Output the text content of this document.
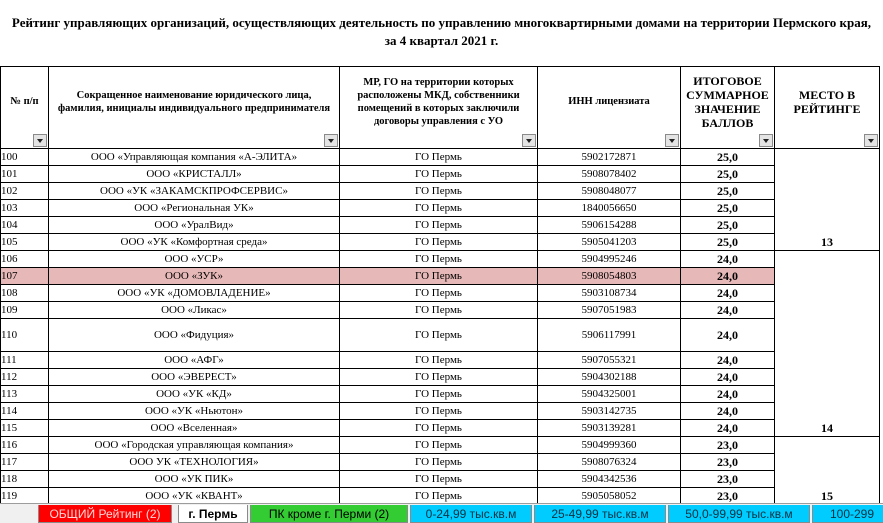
Рейтинг управляющих организаций, осуществляющих деятельность по управлению многоквартирными домами на территории Пермского края,
за 4 квартал 2021 г.
№ п/п	Сокращенное наименование юридического лица, фамилия, инициалы индивидуального предпринимателя	МР, ГО на территории которых расположены МКД, собственники помещений в которых заключили договоры управления с УО	ИНН лицензиата	ИТОГОВОЕ СУММАРНОЕ ЗНАЧЕНИЕ БАЛЛОВ	МЕСТО В РЕЙТИНГЕ

100	ООО «Управляющая компания «А-ЭЛИТА»	ГО Пермь	5902172871	25,0	13
101	ООО «КРИСТАЛЛ»	ГО Пермь	5908078402	25,0	
102	ООО «УК «ЗАКАМСКПРОФСЕРВИС»	ГО Пермь	5908048077	25,0	
103	ООО «Региональная УК»	ГО Пермь	1840056650	25,0	
104	ООО «УралВид»	ГО Пермь	5906154288	25,0	
105	ООО «УК «Комфортная среда»	ГО Пермь	5905041203	25,0	
106	ООО «УСР»	ГО Пермь	5904995246	24,0	14
107	ООО «ЗУК»	ГО Пермь	5908054803	24,0	
108	ООО «УК «ДОМОВЛАДЕНИЕ»	ГО Пермь	5903108734	24,0	
109	ООО «Ликас»	ГО Пермь	5907051983	24,0	
110	ООО «Фидуция»	ГО Пермь	5906117991	24,0	
111	ООО «АФГ»	ГО Пермь	5907055321	24,0	
112	ООО «ЭВЕРЕСТ»	ГО Пермь	5904302188	24,0	
113	ООО «УК «КД»	ГО Пермь	5904325001	24,0	
114	ООО «УК «Ньютон»	ГО Пермь	5903142735	24,0	
115	ООО «Вселенная»	ГО Пермь	5903139281	24,0	
116	ООО «Городская управляющая компания»	ГО Пермь	5904999360	23,0	15
117	ООО УК «ТЕХНОЛОГИЯ»	ГО Пермь	5908076324	23,0	
118	ООО «УК ПИК»	ГО Пермь	5904342536	23,0	
119	ООО «УК «КВАНТ»	ГО Пермь	5905058052	23,0	
ОБЩИЙ Рейтинг (2)	г. Пермь	ПК кроме г. Перми (2)	0-24,99 тыс.кв.м	25-49,99 тыс.кв.м	50,0-99,99 тыс.кв.м	100-299
